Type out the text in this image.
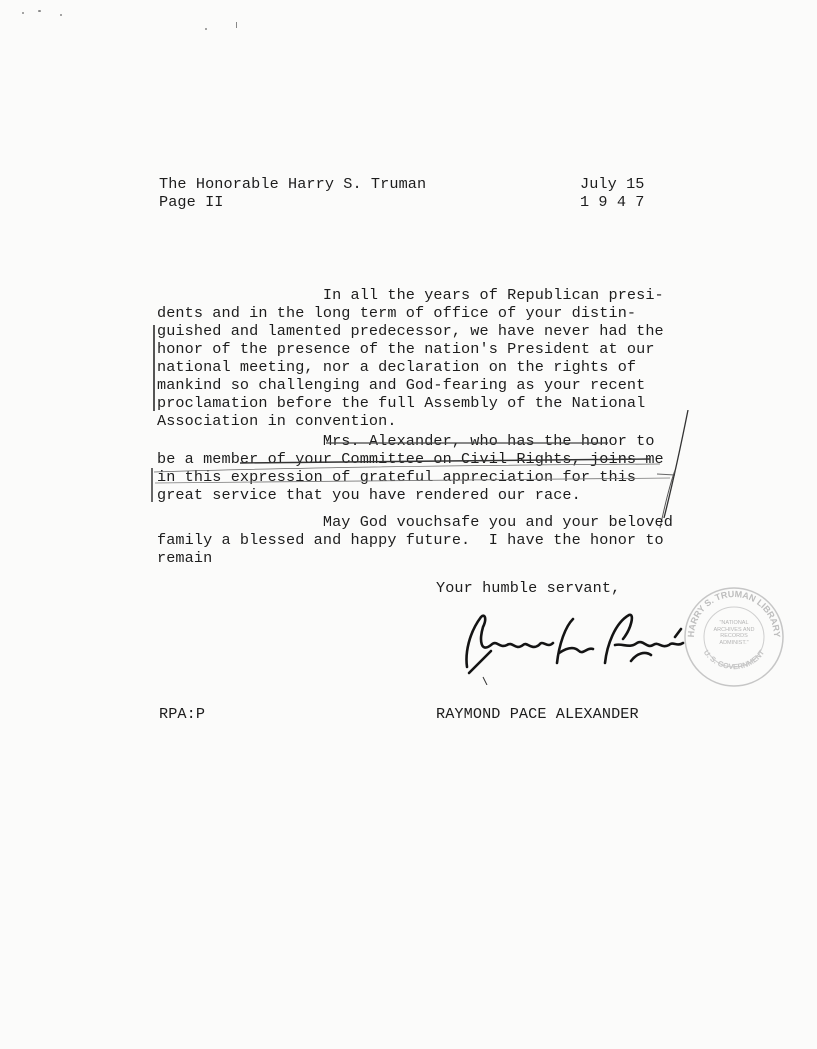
The Honorable Harry S. Truman
Page II
July 15
1 9 4 7
In all the years of Republican presi-
dents and in the long term of office of your distin-
guished and lamented predecessor, we have never had the
honor of the presence of the nation's President at our
national meeting, nor a declaration on the rights of
mankind so challenging and God-fearing as your recent
proclamation before the full Assembly of the National
Association in convention.
Mrs. Alexander, who has the honor to
be a member of your Committee on Civil Rights, joins me
in this expression of grateful appreciation for this
great service that you have rendered our race.
May God vouchsafe you and your beloved
family a blessed and happy future.  I have the honor to
remain
Your humble servant,
HARRY S. TRUMAN LIBRARY
U. S. GOVERNMENT
"NATIONAL
ARCHIVES AND
RECORDS
ADMINIST."
RPA:P	RAYMOND PACE ALEXANDER
